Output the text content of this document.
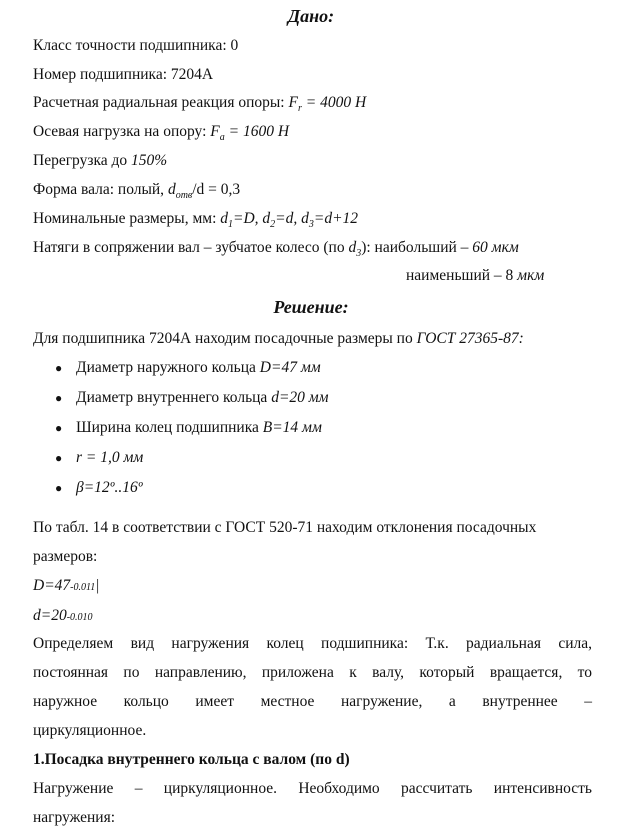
Дано:
Класс точности подшипника: 0
Номер подшипника: 7204А
Расчетная радиальная реакция опоры: $F_r = 4000$ Н
Осевая нагрузка на опору: $F_a = 1600$ Н
Перегрузка до 150%
Форма вала: полый, $d_{отв}/d = 0,3$
Номинальные размеры, мм: $d_1=D$, $d_2=d$, $d_3=d+12$
Натяги в сопряжении вал – зубчатое колесо (по $d_3$): наибольший – 60 мкм
наименьший – 8 мкм
Решение:
Для подшипника 7204А находим посадочные размеры по ГОСТ 27365-87:
● Диаметр наружного кольца D=47 мм
● Диаметр внутреннего кольца d=20 мм
● Ширина колец подшипника B=14 мм
● r = 1,0 мм
● β=12º..16º
По табл. 14 в соответствии с ГОСТ 520-71 находим отклонения посадочных
размеров:
D=47-0.011|
d=20-0.010
Определяем вид нагружения колец подшипника: Т.к. радиальная сила,
постоянная по направлению, приложена к валу, который вращается, то
наружное кольцо имеет местное нагружение, а внутреннее –
циркуляционное.
1.Посадка внутреннего кольца с валом (по d)
Нагружение – циркуляционное. Необходимо рассчитать интенсивность
нагружения:
